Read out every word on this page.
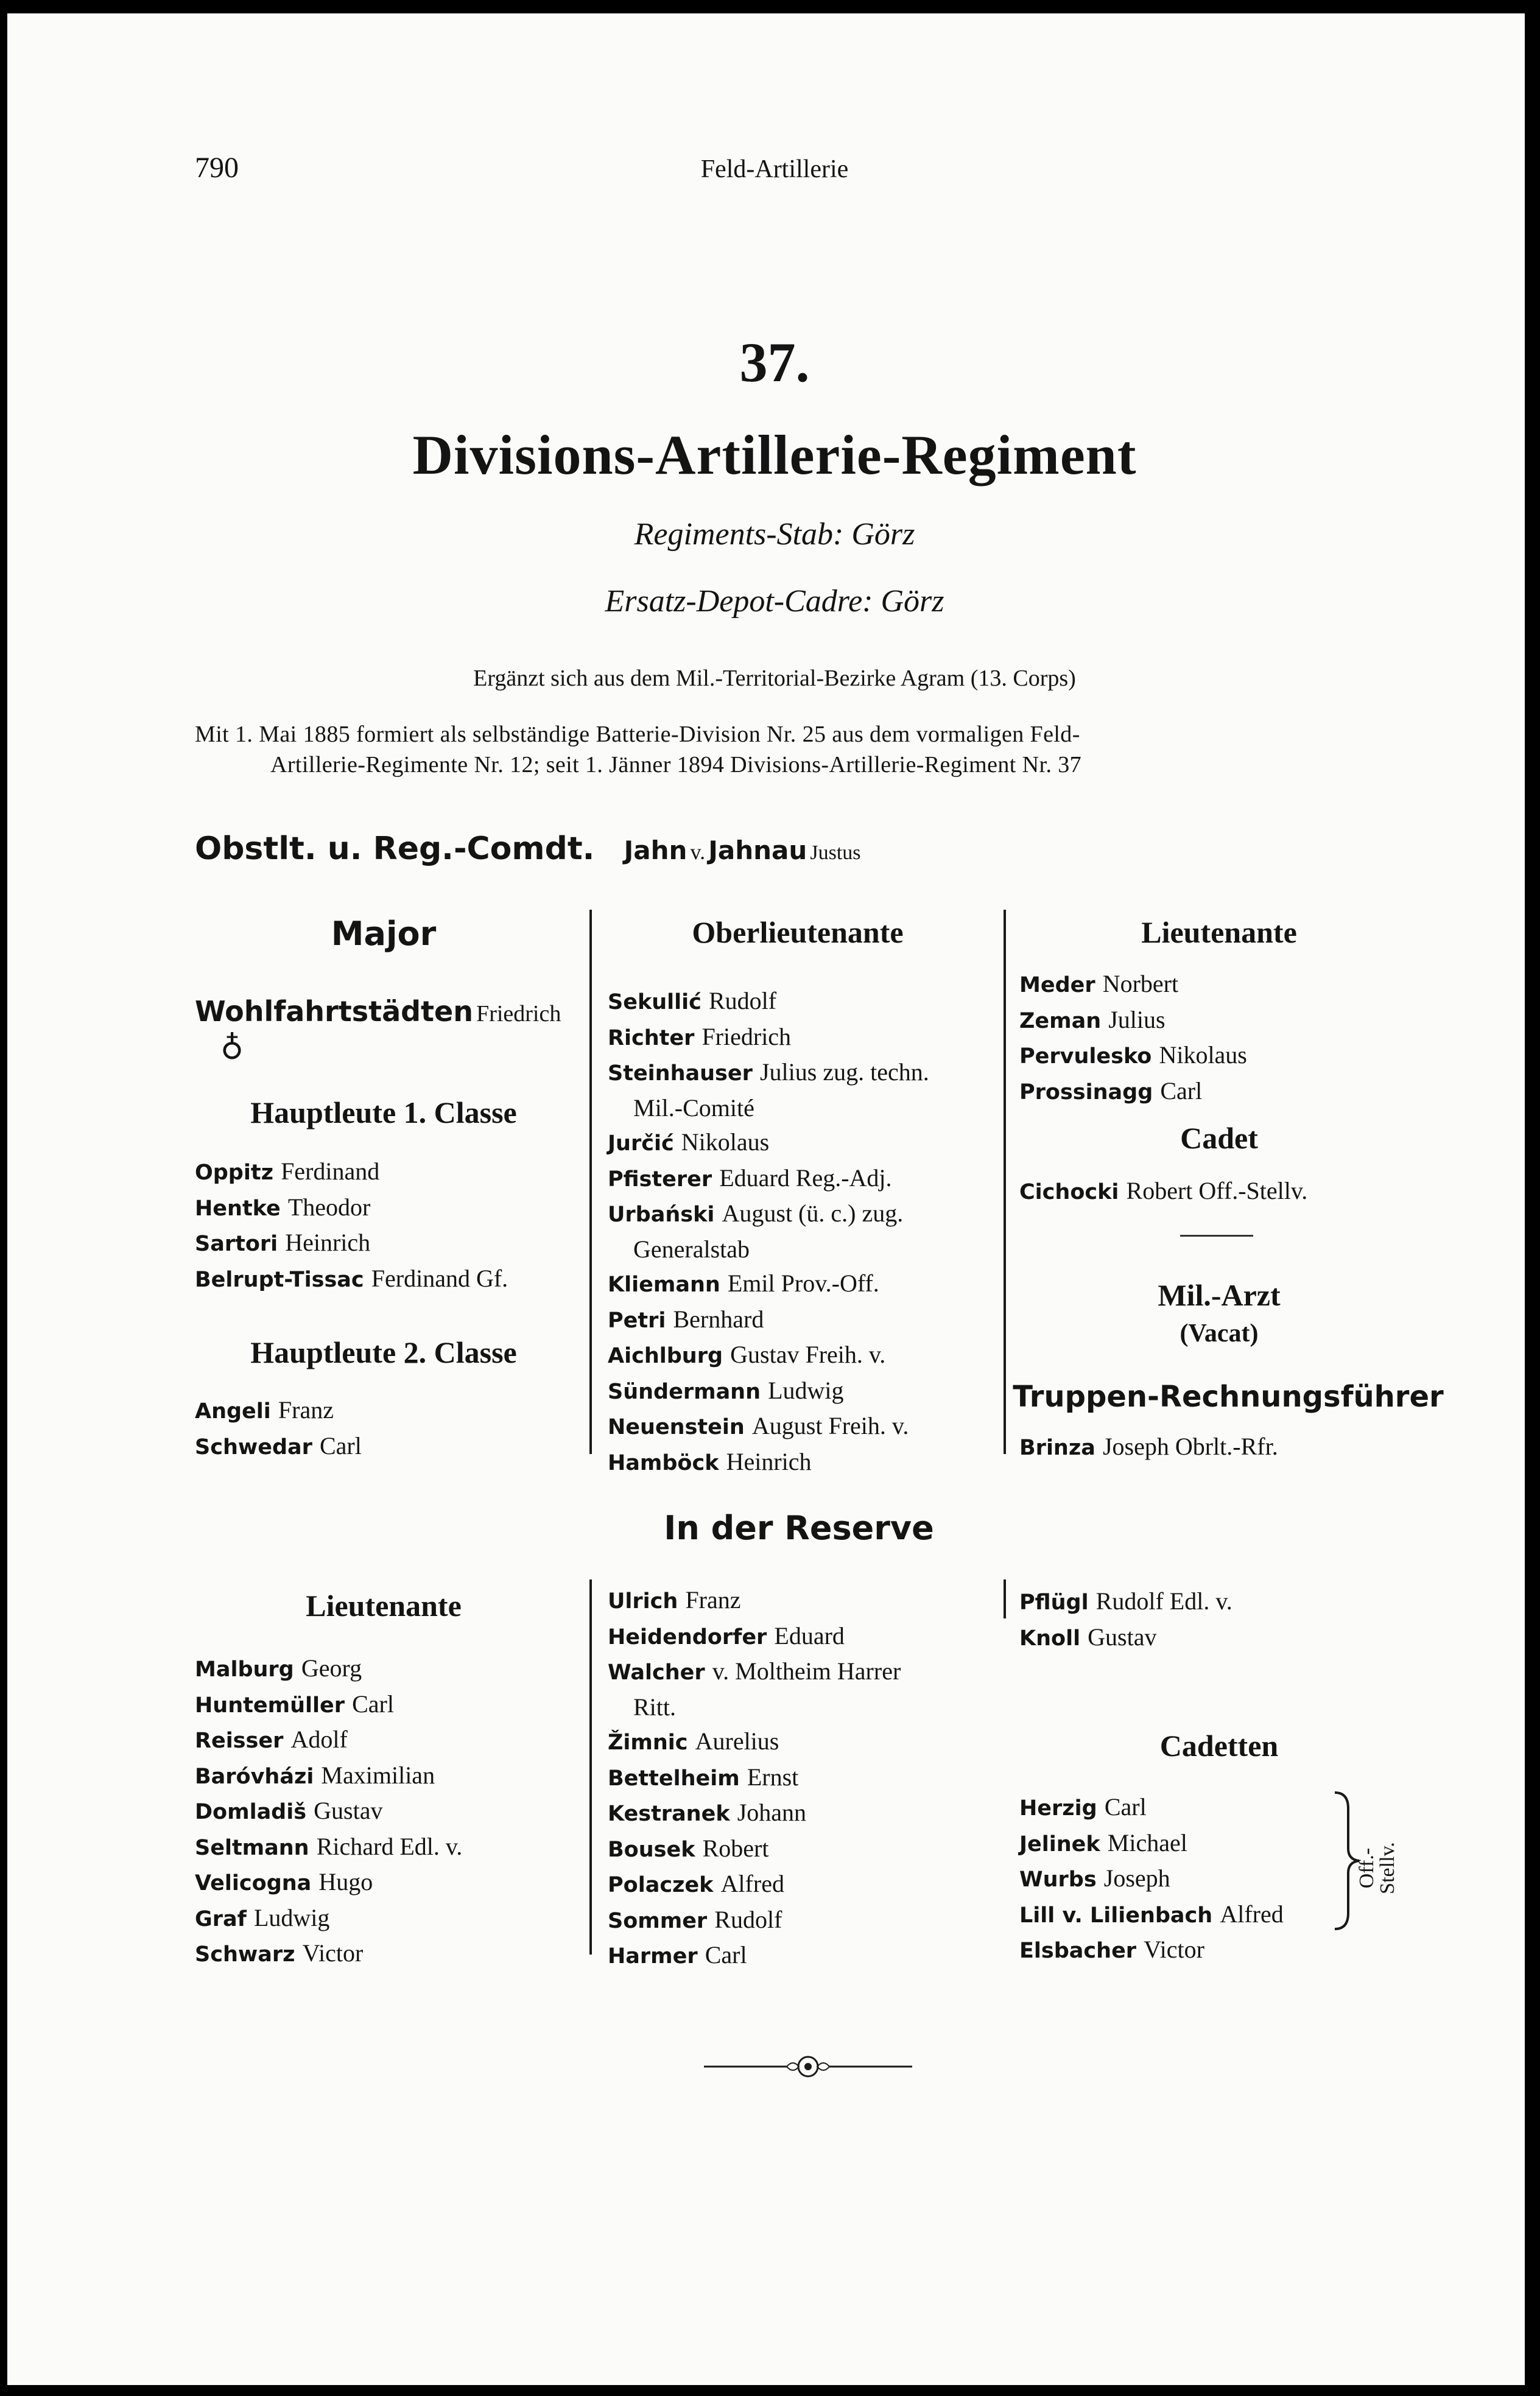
790	Feld-Artillerie
37.
Divisions-Artillerie-Regiment
Regiments-Stab: Görz
Ersatz-Depot-Cadre: Görz
Ergänzt sich aus dem Mil.-Territorial-Bezirke Agram (13. Corps)
Mit 1. Mai 1885 formiert als selbständige Batterie-Division Nr. 25 aus dem vormaligen Feld-
Artillerie-Regimente Nr. 12; seit 1. Jänner 1894 Divisions-Artillerie-Regiment Nr. 37
Obstlt. u. Reg.-Comdt. Jahn v. Jahnau Justus
Major
Wohlfahrtstädten Friedrich
♁
Hauptleute 1. Classe
Oppitz Ferdinand
Hentke Theodor
Sartori Heinrich
Belrupt-Tissac Ferdinand Gf.
Hauptleute 2. Classe
Angeli Franz
Schwedar Carl
Oberlieutenante
Sekullić Rudolf
Richter Friedrich
Steinhauser Julius zug. techn.
Mil.-Comité
Jurčić Nikolaus
Pfisterer Eduard Reg.-Adj.
Urbański August (ü. c.) zug.
Generalstab
Kliemann Emil Prov.-Off.
Petri Bernhard
Aichlburg Gustav Freih. v.
Sündermann Ludwig
Neuenstein August Freih. v.
Hamböck Heinrich
Lieutenante
Meder Norbert
Zeman Julius
Pervulesko Nikolaus
Prossinagg Carl
Cadet
Cichocki Robert Off.-Stellv.
Mil.-Arzt
(Vacat)
Truppen-Rechnungsführer
Brinza Joseph Obrlt.-Rfr.
In der Reserve
Lieutenante
Malburg Georg
Huntemüller Carl
Reisser Adolf
Baróvházi Maximilian
Domladiš Gustav
Seltmann Richard Edl. v.
Velicogna Hugo
Graf Ludwig
Schwarz Victor
Ulrich Franz
Heidendorfer Eduard
Walcher v. Moltheim Harrer
Ritt.
Žimnic Aurelius
Bettelheim Ernst
Kestranek Johann
Bousek Robert
Polaczek Alfred
Sommer Rudolf
Harmer Carl
Pflügl Rudolf Edl. v.
Knoll Gustav
Cadetten
Herzig Carl
Jelinek Michael
Wurbs Joseph
Lill v. Lilienbach Alfred
Elsbacher Victor
Off.-
Stellv.
